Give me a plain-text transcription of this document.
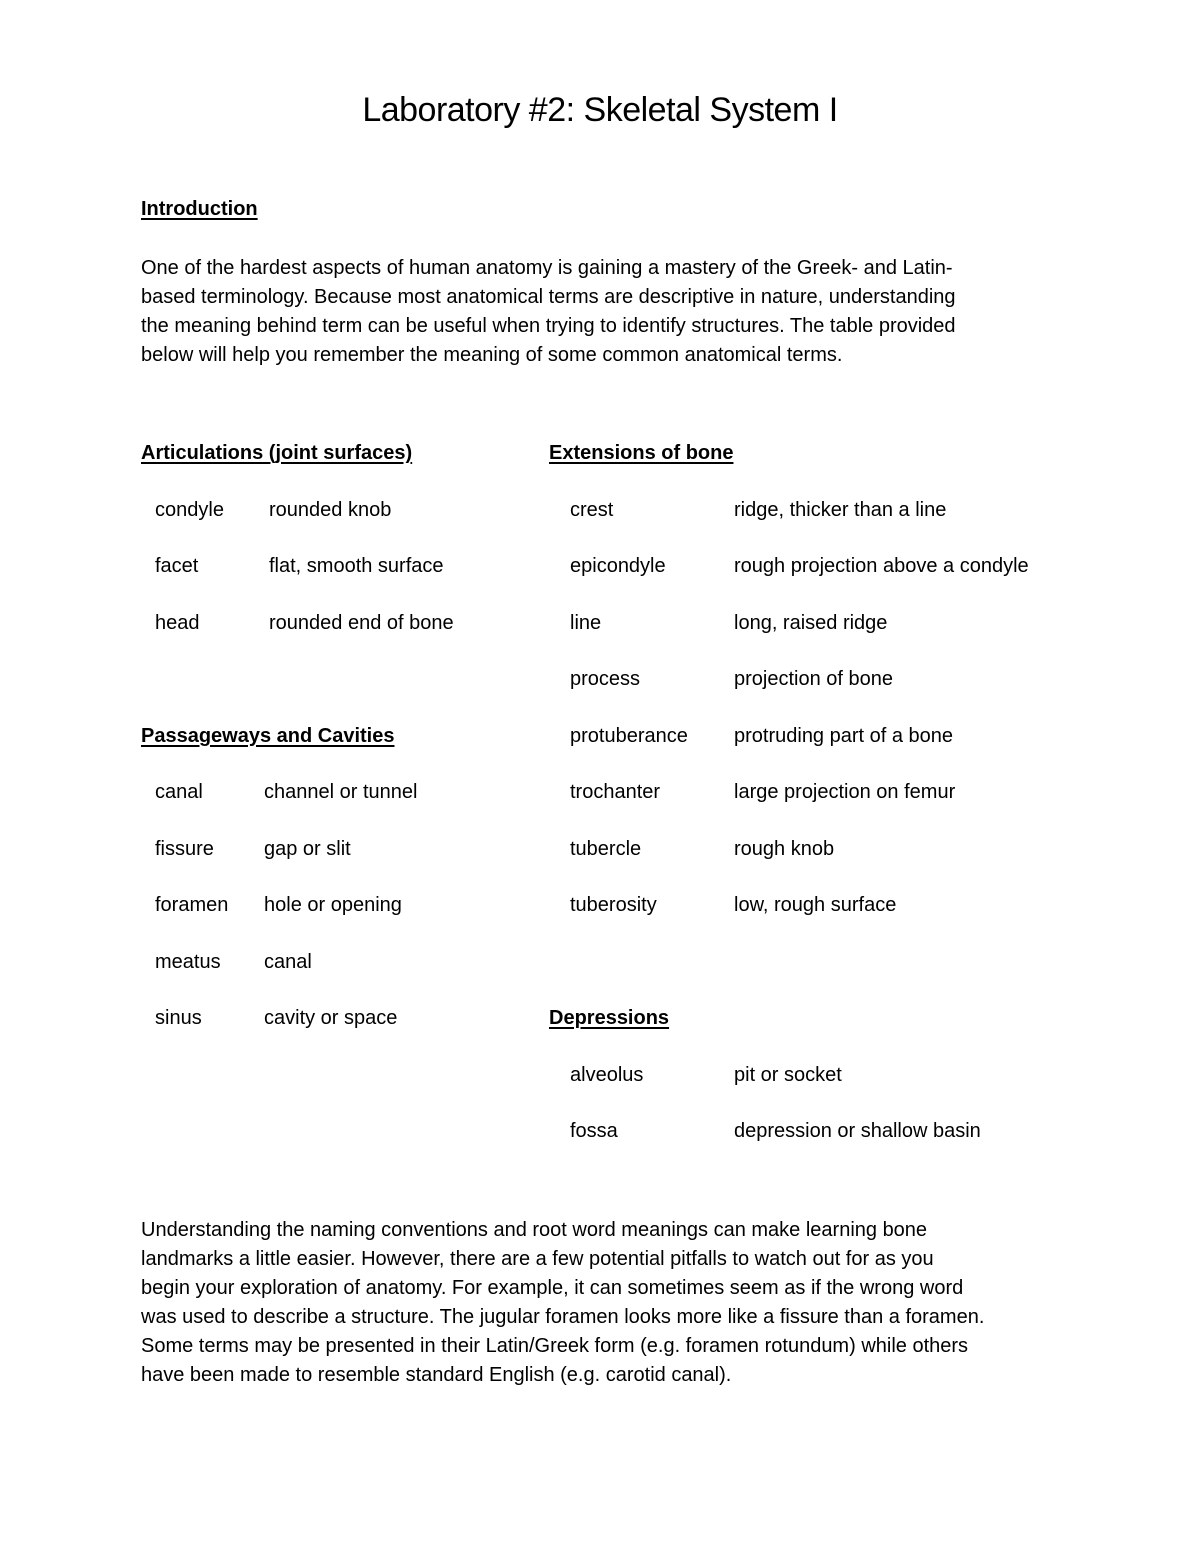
Laboratory #2: Skeletal System I
Introduction
One of the hardest aspects of human anatomy is gaining a mastery of the Greek- and Latin-
based terminology. Because most anatomical terms are descriptive in nature, understanding
the meaning behind term can be useful when trying to identify structures. The table provided
below will help you remember the meaning of some common anatomical terms.
Articulations (joint surfaces)
condyle rounded knob
facet	flat, smooth surface
head	rounded end of bone
Passageways and Cavities
canal	channel or tunnel
fissure	gap or slit
foramen hole or opening
meatus canal
sinus	cavity or space
Extensions of bone
crest	ridge, thicker than a line
epicondyle	rough projection above a condyle
line	long, raised ridge
process	projection of bone
protuberance protruding part of a bone
trochanter	large projection on femur
tubercle	rough knob
tuberosity	low, rough surface
Depressions
alveolus	pit or socket
fossa	depression or shallow basin
Understanding the naming conventions and root word meanings can make learning bone
landmarks a little easier. However, there are a few potential pitfalls to watch out for as you
begin your exploration of anatomy. For example, it can sometimes seem as if the wrong word
was used to describe a structure. The jugular foramen looks more like a fissure than a foramen.
Some terms may be presented in their Latin/Greek form (e.g. foramen rotundum) while others
have been made to resemble standard English (e.g. carotid canal).
